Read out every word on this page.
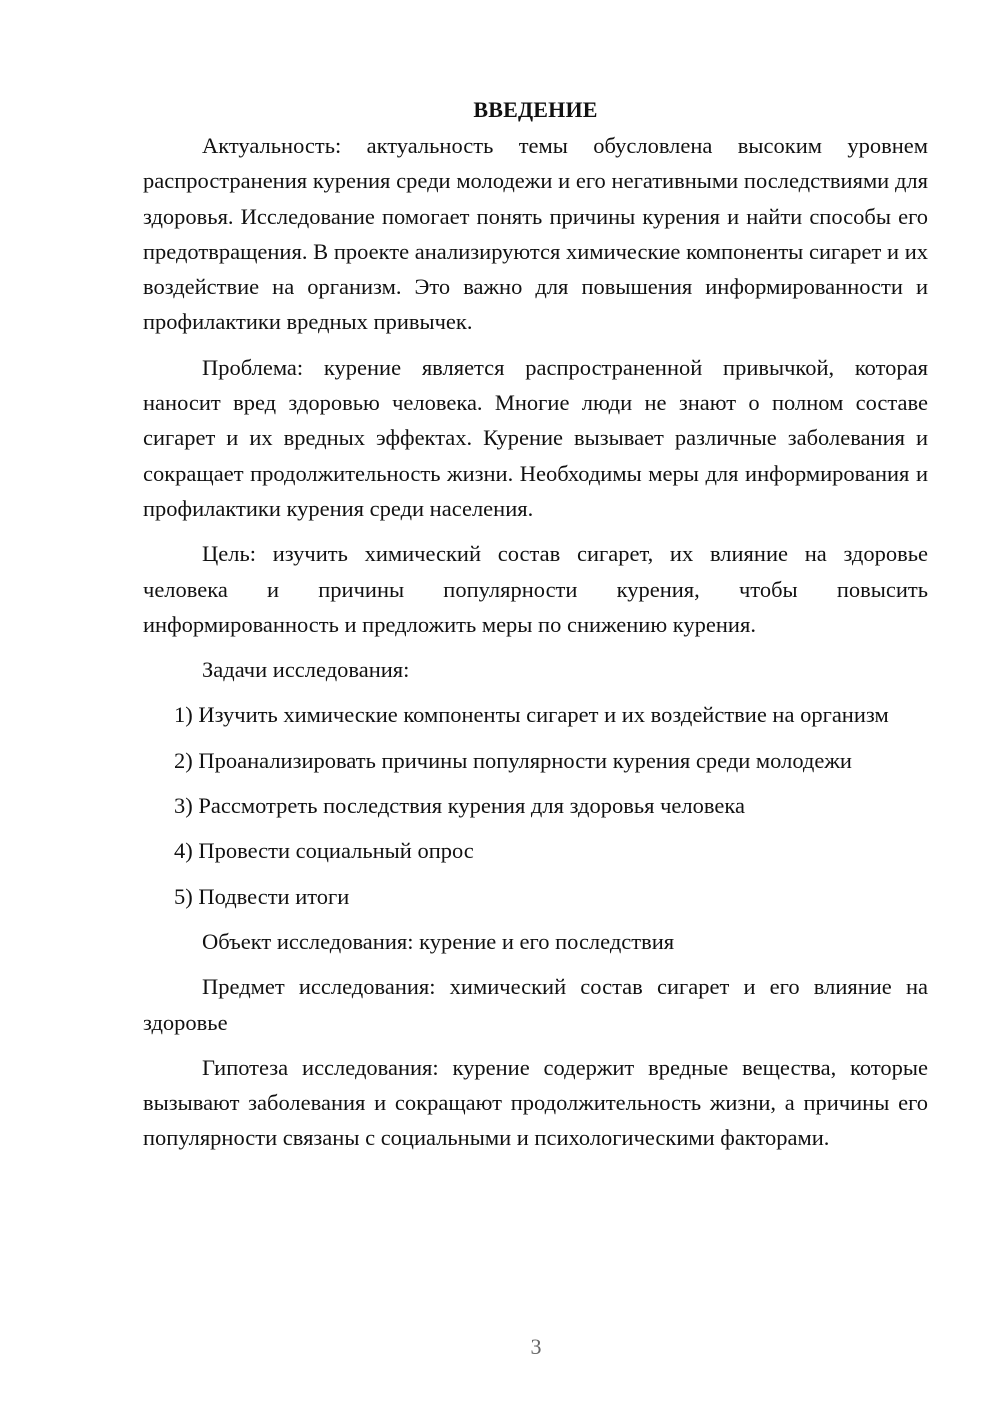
ВВЕДЕНИЕ

Актуальность: актуальность темы обусловлена высоким уровнем распространения курения среди молодежи и его негативными последствиями для здоровья. Исследование помогает понять причины курения и найти способы его предотвращения. В проекте анализируются химические компоненты сигарет и их воздействие на организм. Это важно для повышения информированности и профилактики вредных привычек.

Проблема: курение является распространенной привычкой, которая наносит вред здоровью человека. Многие люди не знают о полном составе сигарет и их вредных эффектах. Курение вызывает различные заболевания и сокращает продолжительность жизни. Необходимы меры для информирования и профилактики курения среди населения.

Цель: изучить химический состав сигарет, их влияние на здоровье человека и причины популярности курения, чтобы повысить информированность и предложить меры по снижению курения.

Задачи исследования:

1) Изучить химические компоненты сигарет и их воздействие на организм

2) Проанализировать причины популярности курения среди молодежи

3) Рассмотреть последствия курения для здоровья человека

4) Провести социальный опрос

5) Подвести итоги

Объект исследования: курение и его последствия

Предмет исследования: химический состав сигарет и его влияние на здоровье

Гипотеза исследования: курение содержит вредные вещества, которые вызывают заболевания и сокращают продолжительность жизни, а причины его популярности связаны с социальными и психологическими факторами.

3
